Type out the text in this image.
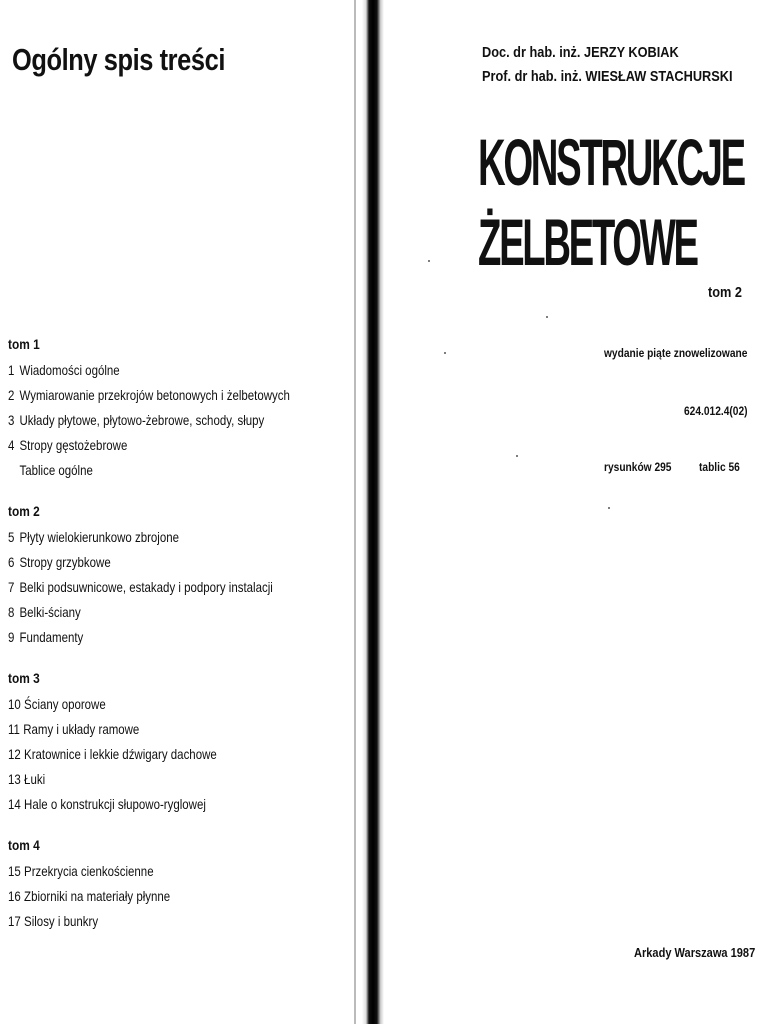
Ogólny spis treści
tom 1
1 Wiadomości ogólne
2 Wymiarowanie przekrojów betonowych i żelbetowych
3 Układy płytowe, płytowo-żebrowe, schody, słupy
4 Stropy gęstożebrowe
Tablice ogólne
tom 2
5 Płyty wielokierunkowo zbrojone
6 Stropy grzybkowe
7 Belki podsuwnicowe, estakady i podpory instalacji
8 Belki-ściany
9 Fundamenty
tom 3
10 Ściany oporowe
11 Ramy i układy ramowe
12 Kratownice i lekkie dźwigary dachowe
13 Łuki
14 Hale o konstrukcji słupowo-ryglowej
tom 4
15 Przekrycia cienkościenne
16 Zbiorniki na materiały płynne
17 Silosy i bunkry
Doc. dr hab. inż. JERZY KOBIAK
Prof. dr hab. inż. WIESŁAW STACHURSKI
KONSTRUKCJE
ŻELBETOWE
tom 2
wydanie piąte znowelizowane
624.012.4(02)
rysunków 295 tablic 56
Arkady Warszawa 1987
